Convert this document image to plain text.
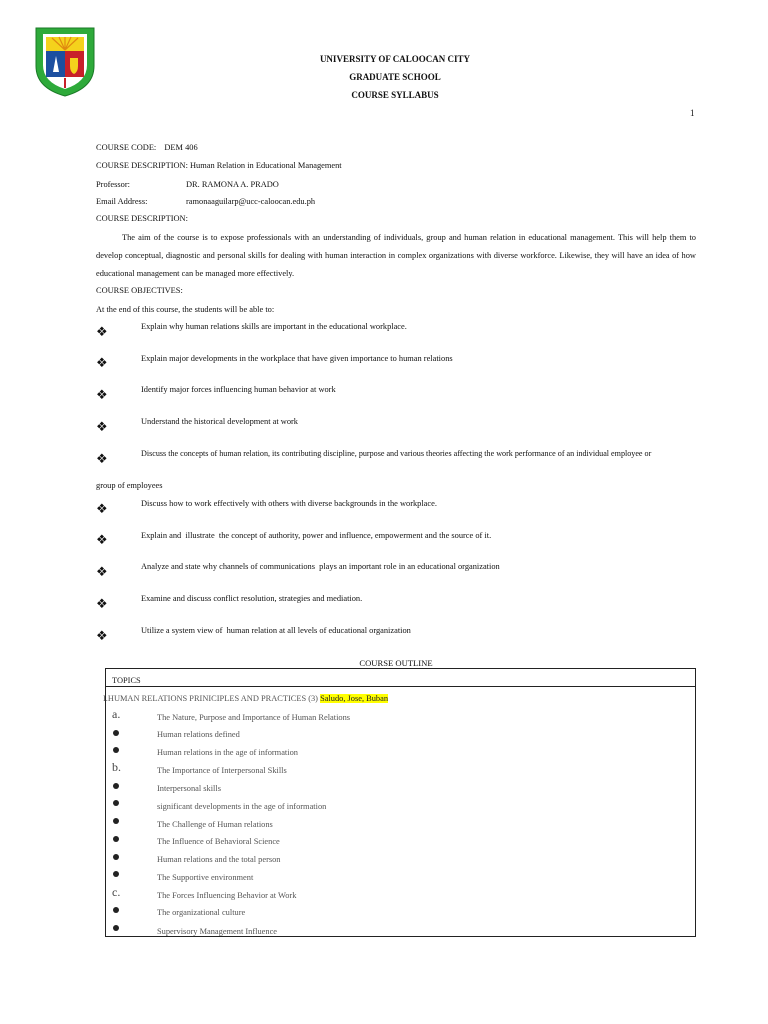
UNIVERSITY OF CALOOCAN CITY
GRADUATE SCHOOL
COURSE SYLLABUS
1
COURSE CODE: DEM 406
COURSE DESCRIPTION: Human Relation in Educational Management
Professor:	DR. RAMONA A. PRADO
Email Address:	ramonaaguilarp@ucc-caloocan.edu.ph
COURSE DESCRIPTION:
The aim of the course is to expose professionals with an understanding of individuals, group and human relation in educational management. This will help them to develop conceptual, diagnostic and personal skills for dealing with human interaction in complex organizations with diverse workforce. Likewise, they will have an idea of how educational management can be managed more effectively.
COURSE OBJECTIVES:
At the end of this course, the students will be able to:
❖	Explain why human relations skills are important in the educational workplace.
❖	Explain major developments in the workplace that have given importance to human relations
❖	Identify major forces influencing human behavior at work
❖	Understand the historical development at work
❖	Discuss the concepts of human relation, its contributing discipline, purpose and various theories affecting the work performance of an individual employee or
group of employees
❖	Discuss how to work effectively with others with diverse backgrounds in the workplace.
❖	Explain and  illustrate  the concept of authority, power and influence, empowerment and the source of it.
❖	Analyze and state why channels of communications  plays an important role in an educational organization
❖	Examine and discuss conflict resolution, strategies and mediation.
❖	Utilize a system view of  human relation at all levels of educational organization
COURSE OUTLINE
TOPICS
I.HUMAN RELATIONS PRINICIPLES AND PRACTICES (3) Saludo, Jose, Buban
a.	The Nature, Purpose and Importance of Human Relations
Human relations defined
Human relations in the age of information
b.	The Importance of Interpersonal Skills
Interpersonal skills
significant developments in the age of information
The Challenge of Human relations
The Influence of Behavioral Science
Human relations and the total person
The Supportive environment
c.	The Forces Influencing Behavior at Work
The organizational culture
Supervisory Management Influence
